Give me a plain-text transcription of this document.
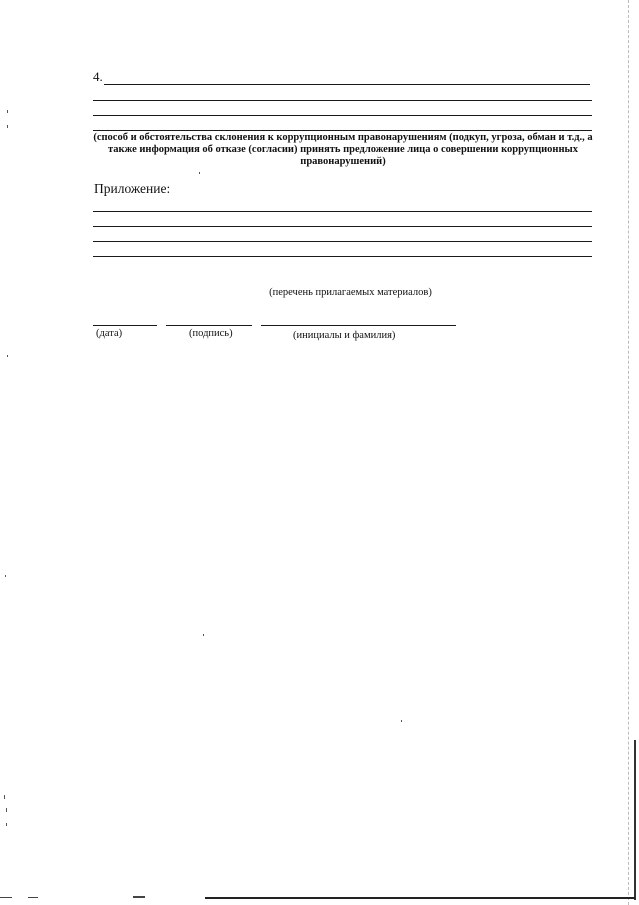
4.
(способ и обстоятельства склонения к коррупционным правонарушениям (подкуп, угроза, обман и т.д., а также информация об отказе (согласии) принять предложение лица о совершении коррупционных правонарушений)
Приложение:
(перечень прилагаемых материалов)
(дата)	(подпись)	(инициалы и фамилия)
